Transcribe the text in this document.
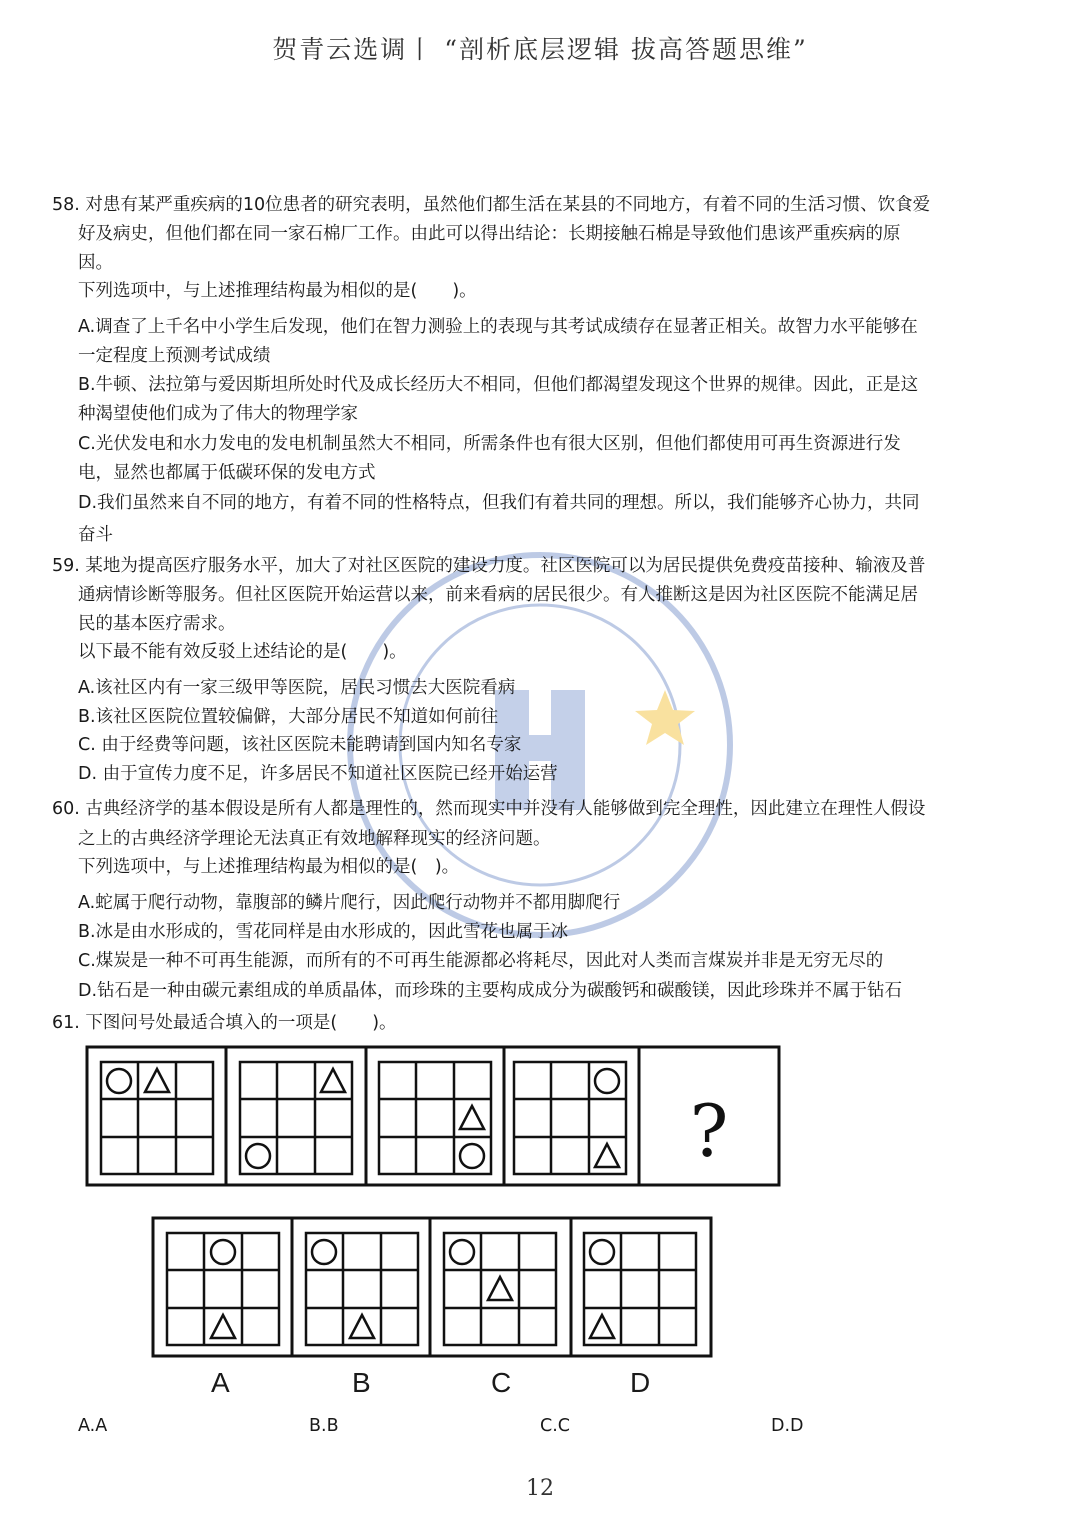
贺青云选调丨 “剖析底层逻辑 拔高答题思维”
58. 对患有某严重疾病的10位患者的研究表明，虽然他们都生活在某县的不同地方，有着不同的生活习惯、饮食爱
好及病史，但他们都在同一家石棉厂工作。由此可以得出结论：长期接触石棉是导致他们患该严重疾病的原
因。
下列选项中，与上述推理结构最为相似的是(　　)。
A.调查了上千名中小学生后发现，他们在智力测验上的表现与其考试成绩存在显著正相关。故智力水平能够在
一定程度上预测考试成绩
B.牛顿、法拉第与爱因斯坦所处时代及成长经历大不相同，但他们都渴望发现这个世界的规律。因此，正是这
种渴望使他们成为了伟大的物理学家
C.光伏发电和水力发电的发电机制虽然大不相同，所需条件也有很大区别，但他们都使用可再生资源进行发
电，显然也都属于低碳环保的发电方式
D.我们虽然来自不同的地方，有着不同的性格特点，但我们有着共同的理想。所以，我们能够齐心协力，共同
奋斗
59. 某地为提高医疗服务水平，加大了对社区医院的建设力度。社区医院可以为居民提供免费疫苗接种、输液及普
通病情诊断等服务。但社区医院开始运营以来，前来看病的居民很少。有人推断这是因为社区医院不能满足居
民的基本医疗需求。
以下最不能有效反驳上述结论的是(　　)。
A.该社区内有一家三级甲等医院，居民习惯去大医院看病
B.该社区医院位置较偏僻，大部分居民不知道如何前往
C. 由于经费等问题，该社区医院未能聘请到国内知名专家
D. 由于宣传力度不足，许多居民不知道社区医院已经开始运营
60. 古典经济学的基本假设是所有人都是理性的，然而现实中并没有人能够做到完全理性，因此建立在理性人假设
之上的古典经济学理论无法真正有效地解释现实的经济问题。
下列选项中，与上述推理结构最为相似的是(　)。
A.蛇属于爬行动物，靠腹部的鳞片爬行，因此爬行动物并不都用脚爬行
B.冰是由水形成的，雪花同样是由水形成的，因此雪花也属于冰
C.煤炭是一种不可再生能源，而所有的不可再生能源都必将耗尽，因此对人类而言煤炭并非是无穷无尽的
D.钻石是一种由碳元素组成的单质晶体，而珍珠的主要构成成分为碳酸钙和碳酸镁，因此珍珠并不属于钻石
61. 下图问号处最适合填入的一项是(　　)。
?
A	B	C	D
A.A	B.B	C.C	D.D
12
